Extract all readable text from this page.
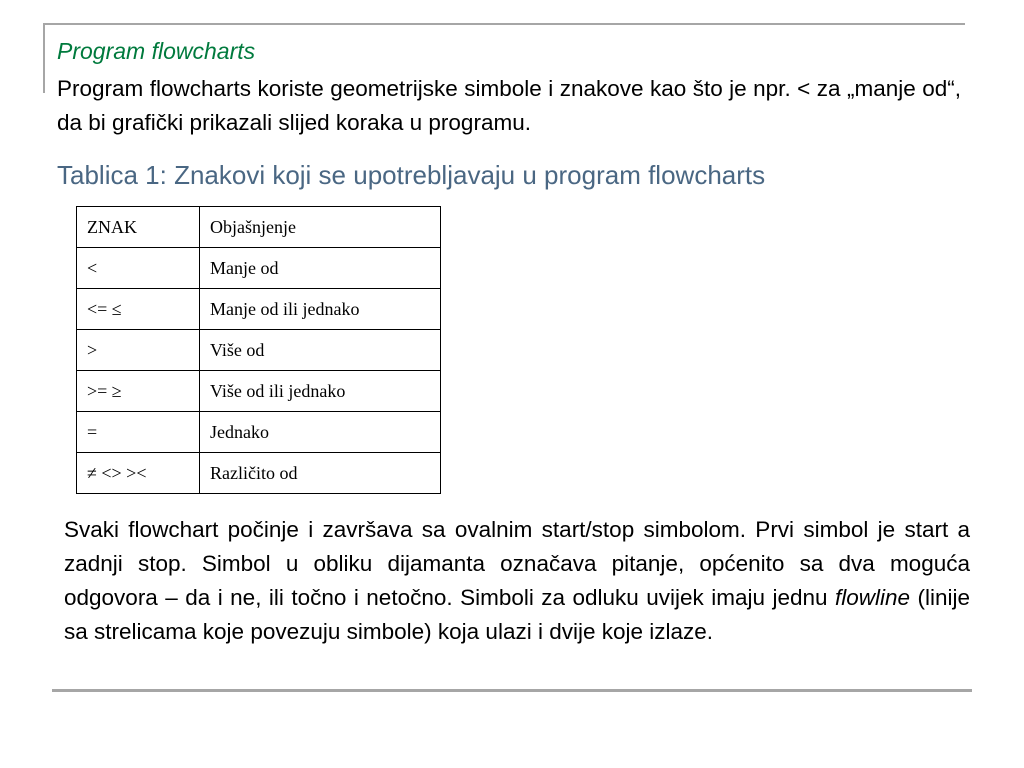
Program flowcharts

Program flowcharts koriste geometrijske simbole i znakove kao što je npr. < za „manje od“, da bi grafički prikazali slijed koraka u programu.

Tablica 1: Znakovi koji se upotrebljavaju u program flowcharts
ZNAK	Objašnjenje
<	Manje od
<= ≤	Manje od ili jednako
>	Više od
>= ≥	Više od ili jednako
=	Jednako
≠ <> ><	Različito od

Svaki flowchart počinje i završava sa ovalnim start/stop simbolom. Prvi simbol je start a zadnji stop. Simbol u obliku dijamanta označava pitanje, općenito sa dva moguća odgovora – da i ne, ili točno i netočno. Simboli za odluku uvijek imaju jednu flowline (linije sa strelicama koje povezuju simbole) koja ulazi i dvije koje izlaze.
